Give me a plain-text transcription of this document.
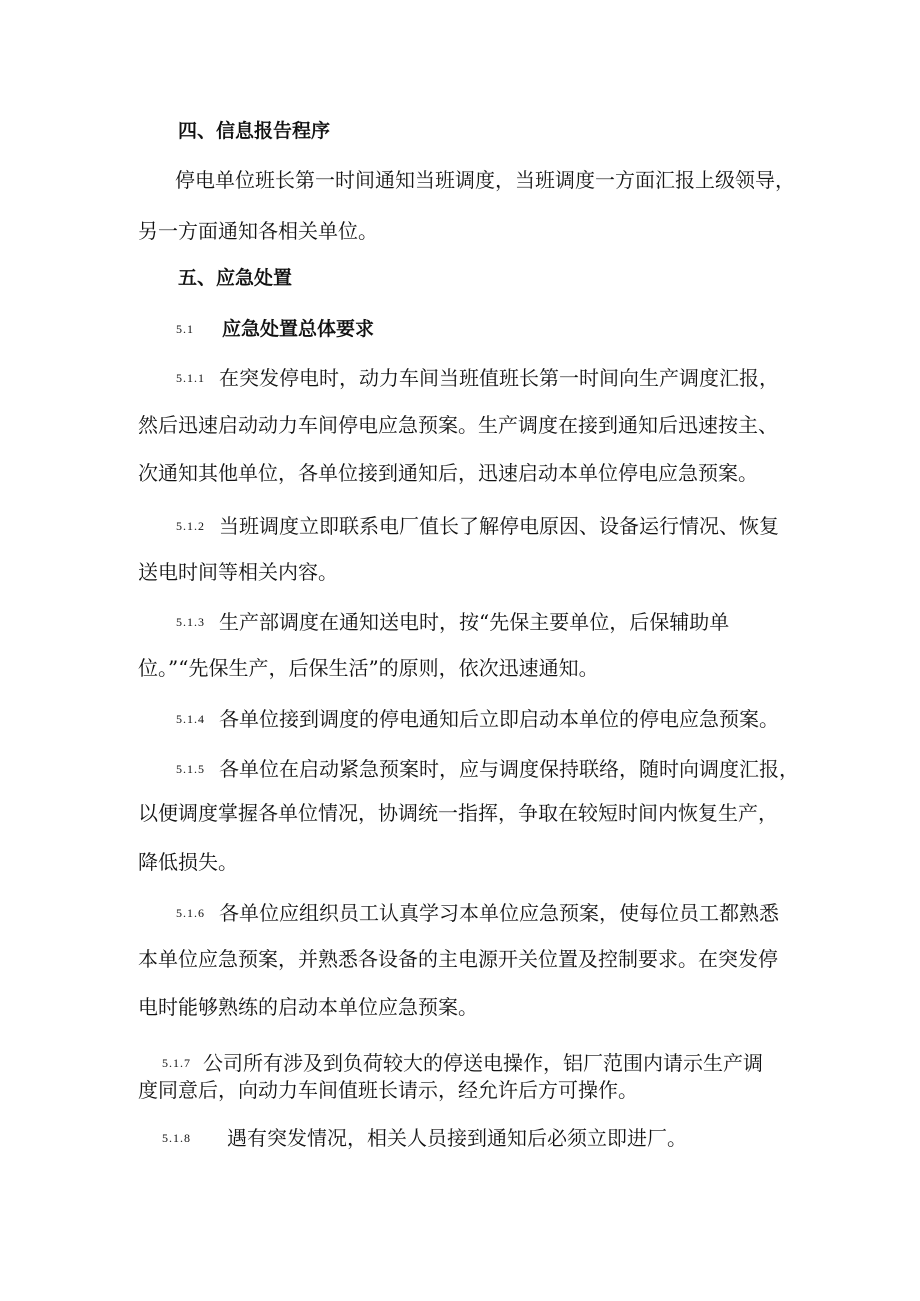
四、信息报告程序
停电单位班长第一时间通知当班调度，当班调度一方面汇报上级领导，
另一方面通知各相关单位。
五、应急处置
5.1 应急处置总体要求
5.1.1 在突发停电时，动力车间当班值班长第一时间向生产调度汇报，
然后迅速启动动力车间停电应急预案。生产调度在接到通知后迅速按主、
次通知其他单位，各单位接到通知后，迅速启动本单位停电应急预案。
5.1.2 当班调度立即联系电厂值长了解停电原因、设备运行情况、恢复
送电时间等相关内容。
5.1.3 生产部调度在通知送电时，按“先保主要单位，后保辅助单
位。”“先保生产，后保生活”的原则，依次迅速通知。
5.1.4 各单位接到调度的停电通知后立即启动本单位的停电应急预案。
5.1.5 各单位在启动紧急预案时，应与调度保持联络，随时向调度汇报，
以便调度掌握各单位情况，协调统一指挥，争取在较短时间内恢复生产，
降低损失。
5.1.6 各单位应组织员工认真学习本单位应急预案，使每位员工都熟悉
本单位应急预案，并熟悉各设备的主电源开关位置及控制要求。在突发停
电时能够熟练的启动本单位应急预案。
5.1.7 公司所有涉及到负荷较大的停送电操作，铝厂范围内请示生产调
度同意后，向动力车间值班长请示，经允许后方可操作。
5.1.8 遇有突发情况，相关人员接到通知后必须立即进厂。
